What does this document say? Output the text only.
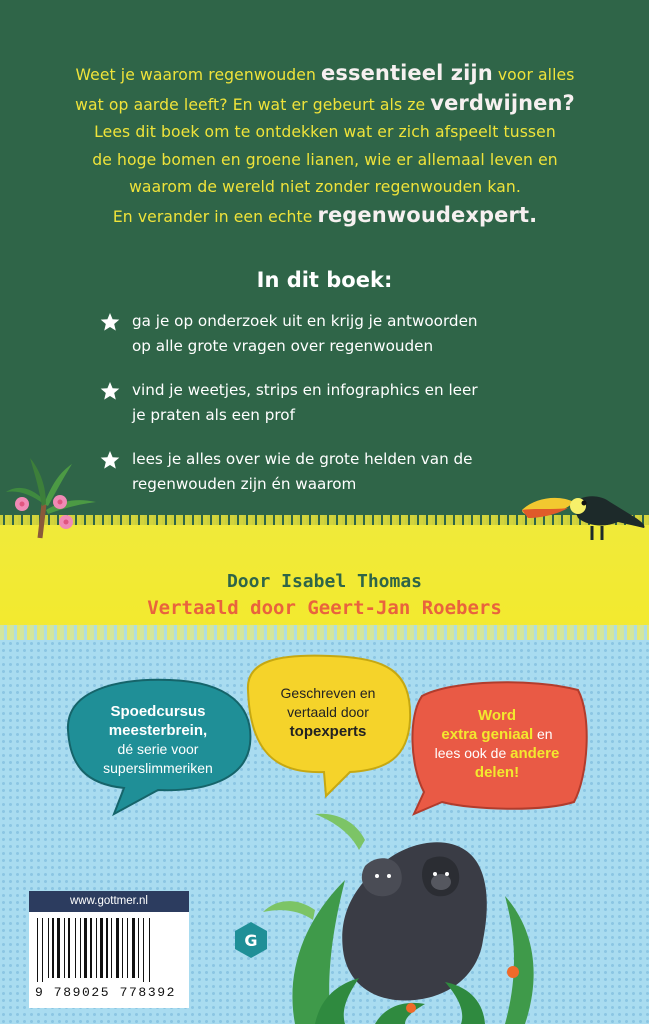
Weet je waarom regenwouden essentieel zijn voor alles
wat op aarde leeft? En wat er gebeurt als ze verdwijnen?
Lees dit boek om te ontdekken wat er zich afspeelt tussen
de hoge bomen en groene lianen, wie er allemaal leven en
waarom de wereld niet zonder regenwouden kan.
En verander in een echte regenwoudexpert.
In dit boek:
ga je op onderzoek uit en krijg je antwoorden
op alle grote vragen over regenwouden
vind je weetjes, strips en infographics en leer
je praten als een prof
lees je alles over wie de grote helden van de
regenwouden zijn én waarom
Door Isabel Thomas
Vertaald door Geert-Jan Roebers
Spoedcursus
meesterbrein,
dé serie voor
superslimmeriken
Geschreven en
vertaald door
topexperts
Word
extra geniaal en
lees ook de andere
delen!
G
www.gottmer.nl
9 789025 778392
